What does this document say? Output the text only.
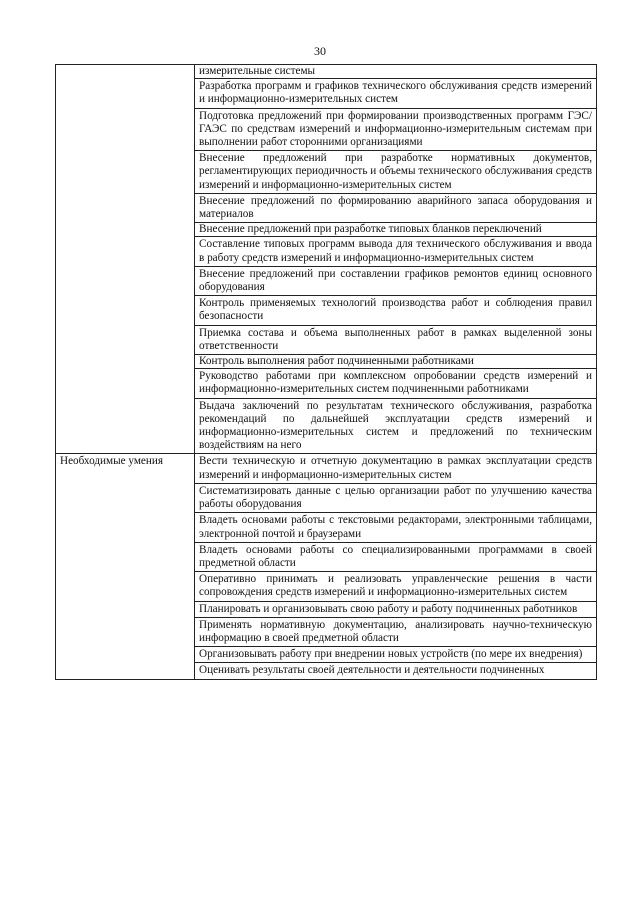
30
	измерительные системы
	Разработка программ и графиков технического обслуживания средств измерений и информационно-измерительных систем
	Подготовка предложений при формировании производственных программ ГЭС/ГАЭС по средствам измерений и информационно-измерительным системам при выполнении работ сторонними организациями
	Внесение предложений при разработке нормативных документов, регламентирующих периодичность и объемы технического обслуживания средств измерений и информационно-измерительных систем
	Внесение предложений по формированию аварийного запаса оборудования и материалов
	Внесение предложений при разработке типовых бланков переключений
	Составление типовых программ вывода для технического обслуживания и ввода в работу средств измерений и информационно-измерительных систем
	Внесение предложений при составлении графиков ремонтов единиц основного оборудования
	Контроль применяемых технологий производства работ и соблюдения правил безопасности
	Приемка состава и объема выполненных работ в рамках выделенной зоны ответственности
	Контроль выполнения работ подчиненными работниками
	Руководство работами при комплексном опробовании средств измерений и информационно-измерительных систем подчиненными работниками
	Выдача заключений по результатам технического обслуживания, разработка рекомендаций по дальнейшей эксплуатации средств измерений и информационно-измерительных систем и предложений по техническим воздействиям на него
Необходимые умения	Вести техническую и отчетную документацию в рамках эксплуатации средств измерений и информационно-измерительных систем
	Систематизировать данные с целью организации работ по улучшению качества работы оборудования
	Владеть основами работы с текстовыми редакторами, электронными таблицами, электронной почтой и браузерами
	Владеть основами работы со специализированными программами в своей предметной области
	Оперативно принимать и реализовать управленческие решения в части сопровождения средств измерений и информационно-измерительных систем
	Планировать и организовывать свою работу и работу подчиненных работников
	Применять нормативную документацию, анализировать научно-техническую информацию в своей предметной области
	Организовывать работу при внедрении новых устройств (по мере их внедрения)
	Оценивать результаты своей деятельности и деятельности подчиненных
